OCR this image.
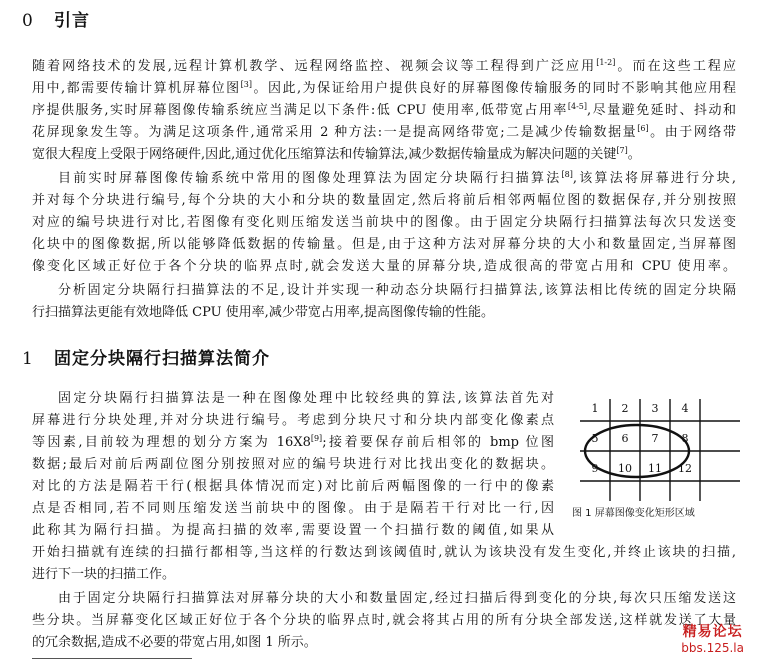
0 引言
随着网络技术的发展,远程计算机教学、远程网络监控、视频会议等工程得到广泛应用[1-2]。而在这些工程应
用中,都需要传输计算机屏幕位图[3]。因此,为保证给用户提供良好的屏幕图像传输服务的同时不影响其他应用程
序提供服务,实时屏幕图像传输系统应当满足以下条件:低 CPU 使用率,低带宽占用率[4-5],尽量避免延时、抖动和
花屏现象发生等。为满足这项条件,通常采用 2 种方法:一是提高网络带宽;二是减少传输数据量[6]。由于网络带
宽很大程度上受限于网络硬件,因此,通过优化压缩算法和传输算法,减少数据传输量成为解决问题的关键[7]。
目前实时屏幕图像传输系统中常用的图像处理算法为固定分块隔行扫描算法[8],该算法将屏幕进行分块,
并对每个分块进行编号,每个分块的大小和分块的数量固定,然后将前后相邻两幅位图的数据保存,并分别按照
对应的编号块进行对比,若图像有变化则压缩发送当前块中的图像。由于固定分块隔行扫描算法每次只发送变
化块中的图像数据,所以能够降低数据的传输量。但是,由于这种方法对屏幕分块的大小和数量固定,当屏幕图
像变化区域正好位于各个分块的临界点时,就会发送大量的屏幕分块,造成很高的带宽占用和 CPU 使用率。
分析固定分块隔行扫描算法的不足,设计并实现一种动态分块隔行扫描算法,该算法相比传统的固定分块隔
行扫描算法更能有效地降低 CPU 使用率,减少带宽占用率,提高图像传输的性能。
1 固定分块隔行扫描算法简介
固定分块隔行扫描算法是一种在图像处理中比较经典的算法,该算法首先对
屏幕进行分块处理,并对分块进行编号。考虑到分块尺寸和分块内部变化像素点
等因素,目前较为理想的划分方案为 16X8[9];接着要保存前后相邻的 bmp 位图
数据;最后对前后两副位图分别按照对应的编号块进行对比找出变化的数据块。
对比的方法是隔若干行(根据具体情况而定)对比前后两幅图像的一行中的像素
点是否相同,若不同则压缩发送当前块中的图像。由于是隔若干行对比一行,因
此称其为隔行扫描。为提高扫描的效率,需要设置一个扫描行数的阈值,如果从
开始扫描就有连续的扫描行都相等,当这样的行数达到该阈值时,就认为该块没有发生变化,并终止该块的扫描,
进行下一块的扫描工作。
由于固定分块隔行扫描算法对屏幕分块的大小和数量固定,经过扫描后得到变化的分块,每次只压缩发送这
些分块。当屏幕变化区域正好位于各个分块的临界点时,就会将其占用的所有分块全部发送,这样就发送了大量
的冗余数据,造成不必要的带宽占用,如图 1 所示。
1 2 3 4
5 6 7 8
9 10 11 12
图 1 屏幕图像变化矩形区域
精易论坛
bbs.125.la
